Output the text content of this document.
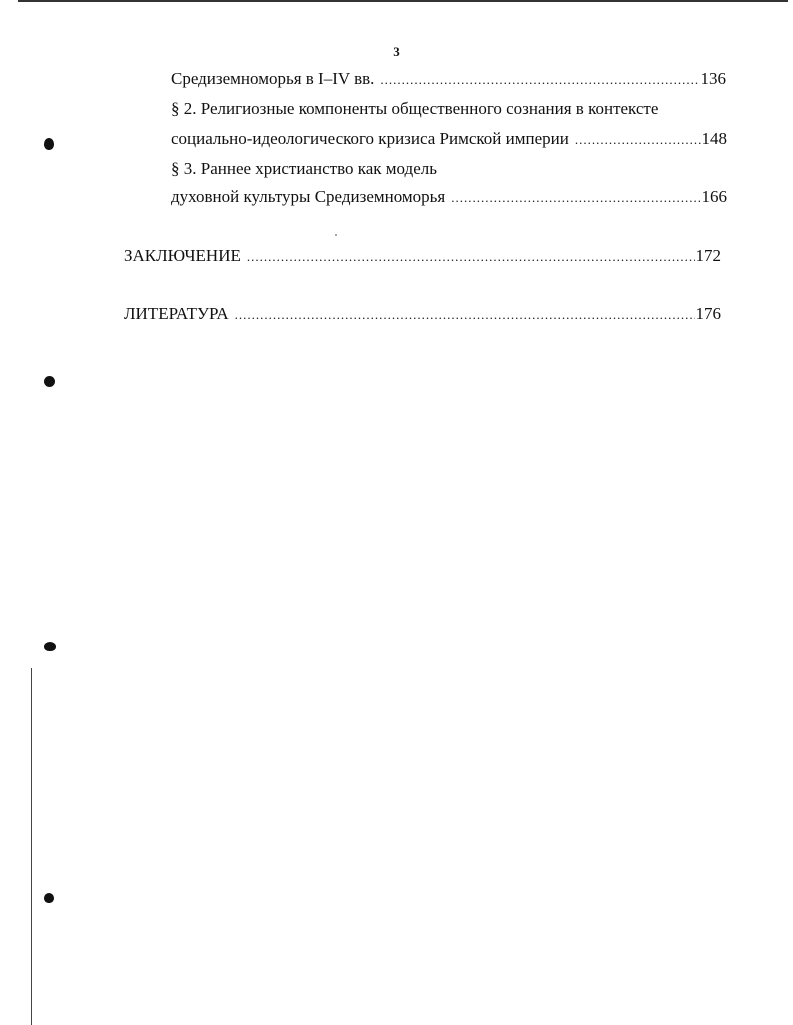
3
Средиземноморья в I–IV вв. .....	136
§ 2. Религиозные компоненты общественного сознания в контексте
социально-идеологического кризиса Римской империи .....	148
§ 3. Раннее христианство как модель
духовной культуры Средиземноморья .....	166
ЗАКЛЮЧЕНИЕ .....	172
ЛИТЕРАТУРА .....	176
